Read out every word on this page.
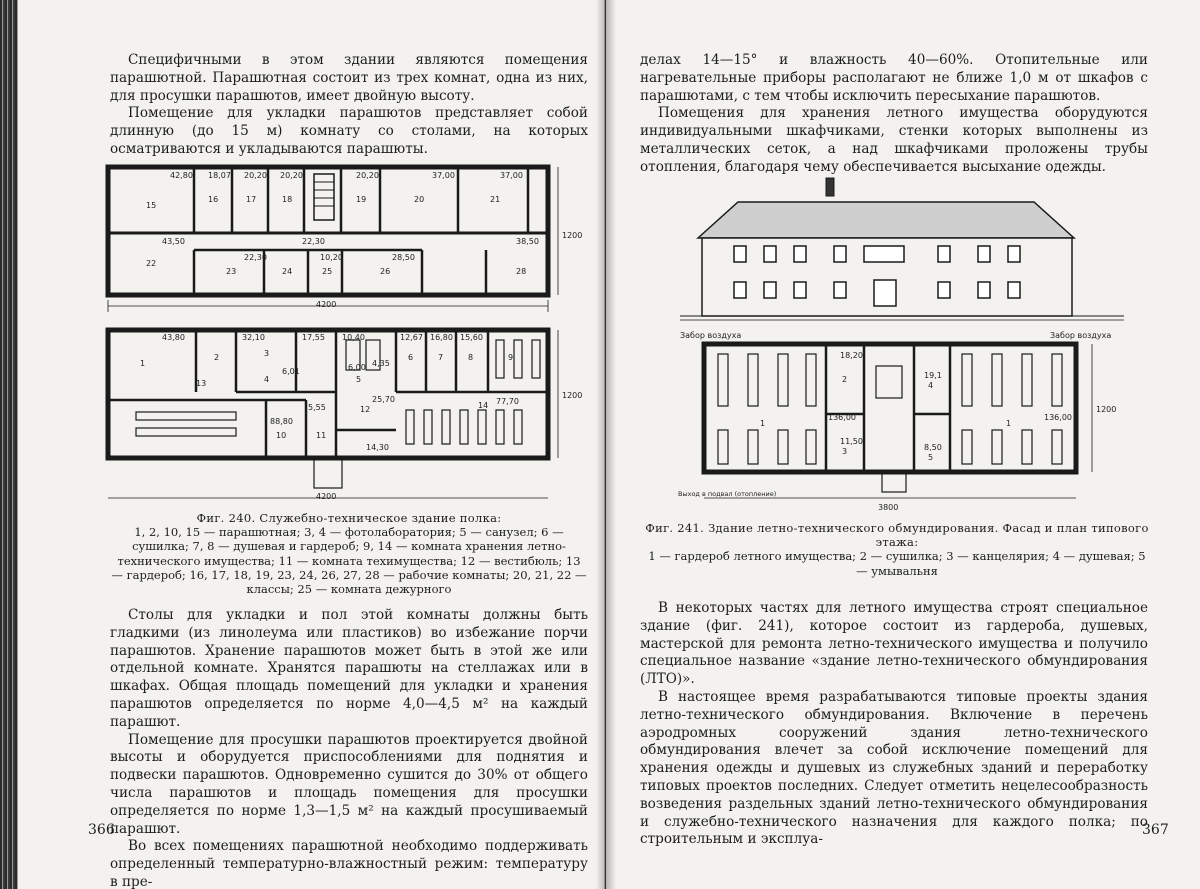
Специфичными в этом здании являются помещения парашютной. Парашютная состоит из трех комнат, одна из них, для просушки парашютов, имеет двойную высоту.

Помещение для укладки парашютов представляет собой длинную (до 15 м) комнату со столами, на которых осматриваются и укладываются парашюты.

15
16	17	18	19	20	21
22
23	24	25	26	28
42,80 18,07 20,20 20,20	20,20	37,00	37,00
43,50
22,30
22,30
10,20	28,50
38,50
4200
1200
1
2	3
4	5
6	7	8	9
10	11
12
13
14
43,80	32,10	17,55
6,01
10,40	12,67 16,80 15,60
6,00 4,35
25,70	77,70
88,80
5,55
14,30
4200
1200
Фиг. 240. Служебно-техническое здание полка:
1, 2, 10, 15 — парашютная; 3, 4 — фотолаборатория; 5 — санузел; 6 — сушилка; 7, 8 — душевая и гардероб; 9, 14 — комната хранения летно-технического имущества; 11 — комната техимущества; 12 — вестибюль; 13 — гардероб; 16, 17, 18, 19, 23, 24, 26, 27, 28 — рабочие комнаты; 20, 21, 22 — классы; 25 — комната дежурного

Столы для укладки и пол этой комнаты должны быть гладкими (из линолеума или пластиков) во избежание порчи парашютов. Хранение парашютов может быть в этой же или отдельной комнате. Хранятся парашюты на стеллажах или в шкафах. Общая площадь помещений для укладки и хранения парашютов определяется по норме 4,0—4,5 м² на каждый парашют.

Помещение для просушки парашютов проектируется двойной высоты и оборудуется приспособлениями для поднятия и подвески парашютов. Одновременно сушится до 30% от общего числа парашютов и площадь помещения для просушки определяется по норме 1,3—1,5 м² на каждый просушиваемый парашют.

Во всех помещениях парашютной необходимо поддерживать определенный температурно-влажностный режим: температуру в пре-

366

делах 14—15° и влажность 40—60%. Отопительные или нагревательные приборы располагают не ближе 1,0 м от шкафов с парашютами, с тем чтобы исключить пересыхание парашютов.

Помещения для хранения летного имущества оборудуются индивидуальными шкафчиками, стенки которых выполнены из металлических сеток, а над шкафчиками проложены трубы отопления, благодаря чему обеспечивается высыхание одежды.

Забор воздуха	Забор воздуха
Выход в подвал (отопление)
1
2
3
4
5
1
136,00
18,20
11,50
19,1
8,50
136,00
3800
1200
Фиг. 241. Здание летно-технического обмундирования. Фасад и план типового этажа:
1 — гардероб летного имущества; 2 — сушилка; 3 — канцелярия; 4 — душевая; 5 — умывальня

В некоторых частях для летного имущества строят специальное здание (фиг. 241), которое состоит из гардероба, душевых, мастерской для ремонта летно-технического имущества и получило специальное название «здание летно-технического обмундирования (ЛТО)».

В настоящее время разрабатываются типовые проекты здания летно-технического обмундирования. Включение в перечень аэродромных сооружений здания летно-технического обмундирования влечет за собой исключение помещений для хранения одежды и душевых из служебных зданий и переработку типовых проектов последних. Следует отметить нецелесообразность возведения раздельных зданий летно-технического обмундирования и служебно-технического назначения для каждого полка; по строительным и эксплуа-

367
